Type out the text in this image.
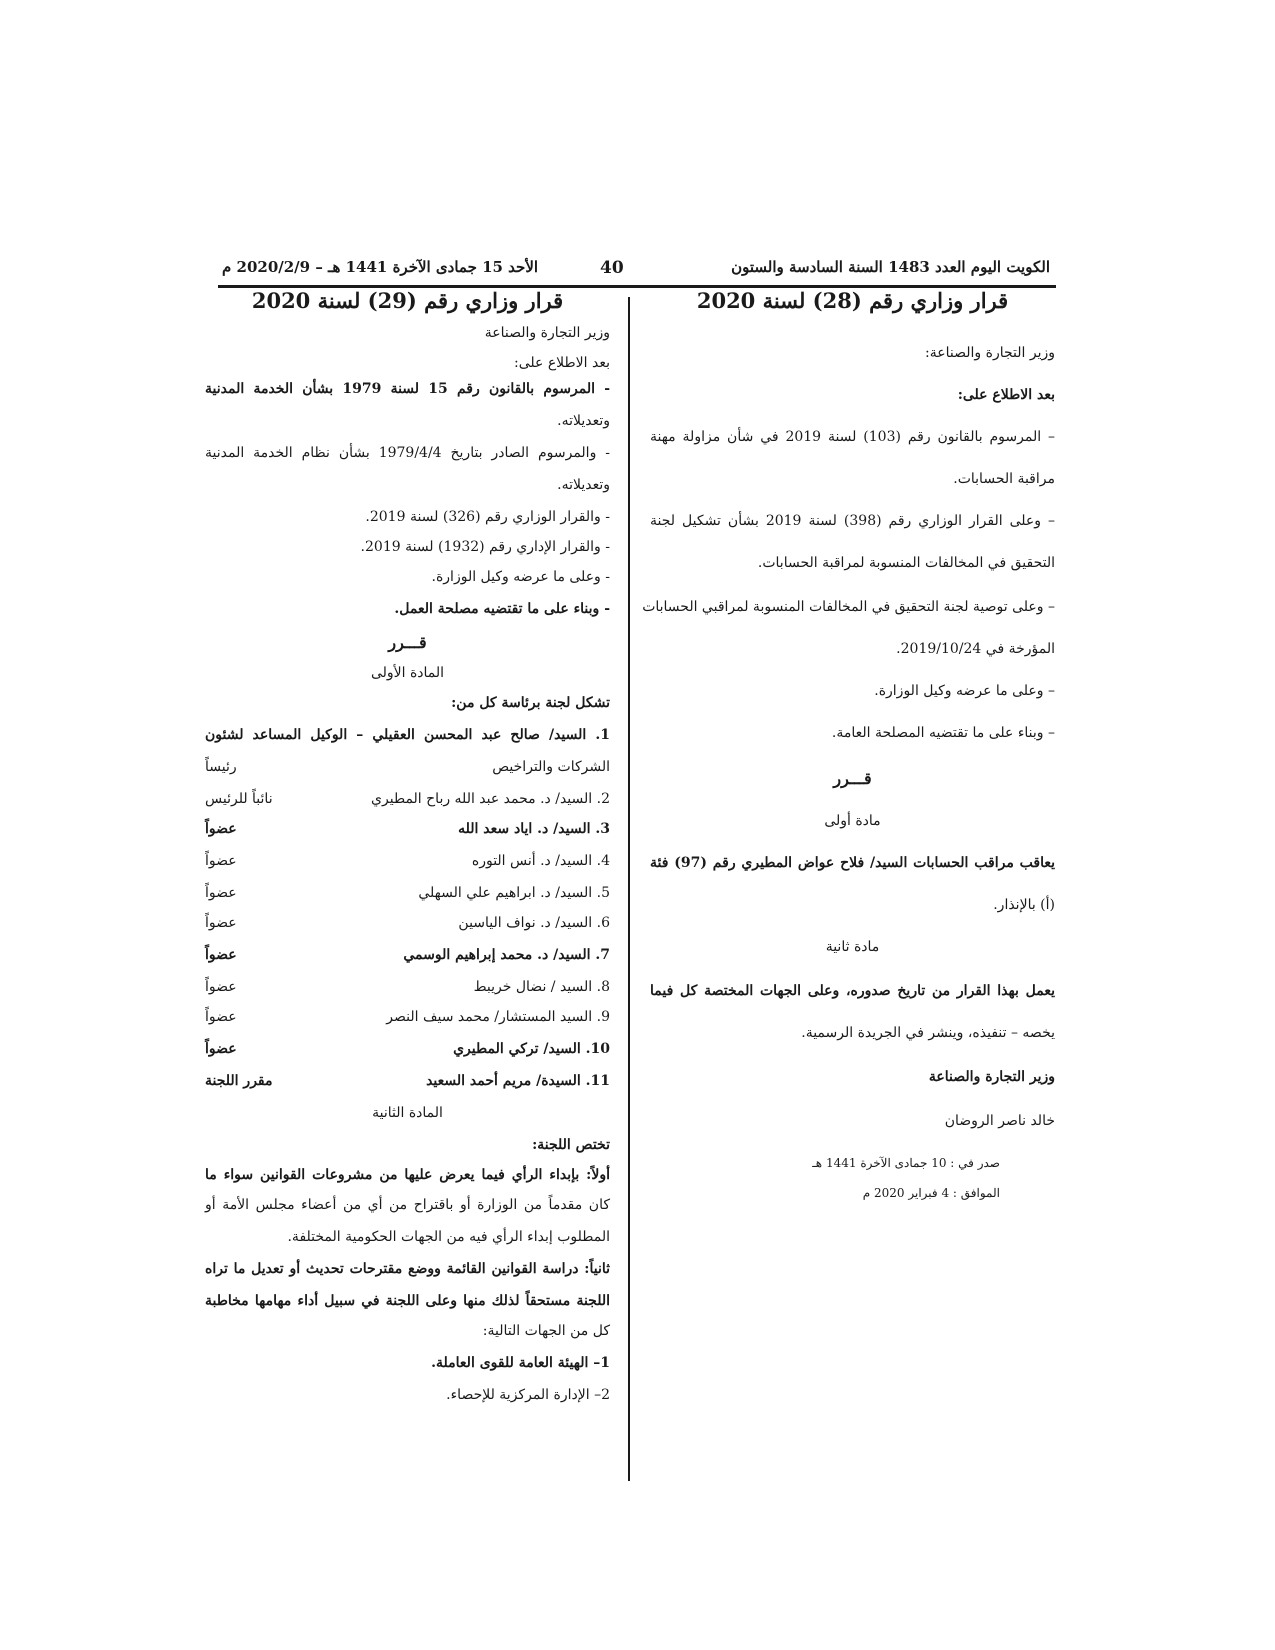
الكويت اليوم العدد 1483 السنة السادسة والستون
40
الأحد 15 جمادى الآخرة 1441 هـ – 2020/2/9 م
قرار وزاري رقم (28) لسنة 2020
وزير التجارة والصناعة:
بعد الاطلاع على:
– المرسوم بالقانون رقم (103) لسنة 2019 في شأن مزاولة مهنة
مراقبة الحسابات.
– وعلى القرار الوزاري رقم (398) لسنة 2019 بشأن تشكيل لجنة
التحقيق في المخالفات المنسوبة لمراقبة الحسابات.
– وعلى توصية لجنة التحقيق في المخالفات المنسوبة لمراقبي الحسابات
المؤرخة في 2019/10/24.
– وعلى ما عرضه وكيل الوزارة.
– وبناء على ما تقتضيه المصلحة العامة.
قـــرر
مادة أولى
يعاقب مراقب الحسابات السيد/ فلاح عواض المطيري رقم (97) فئة
(أ) بالإنذار.
مادة ثانية
يعمل بهذا القرار من تاريخ صدوره، وعلى الجهات المختصة كل فيما
يخصه – تنفيذه، وينشر في الجريدة الرسمية.
وزير التجارة والصناعة
خالد ناصر الروضان
صدر في : 10 جمادى الآخرة 1441 هـ
الموافق : 4 فبراير 2020 م
قرار وزاري رقم (29) لسنة 2020
وزير التجارة والصناعة
بعد الاطلاع على:
- المرسوم بالقانون رقم 15 لسنة 1979 بشأن الخدمة المدنية
وتعديلاته.
- والمرسوم الصادر بتاريخ 1979/4/4 بشأن نظام الخدمة المدنية
وتعديلاته.
- والقرار الوزاري رقم (326) لسنة 2019.
- والقرار الإداري رقم (1932) لسنة 2019.
- وعلى ما عرضه وكيل الوزارة.
- وبناء على ما تقتضيه مصلحة العمل.
قـــرر
المادة الأولى
تشكل لجنة برئاسة كل من:
1. السيد/ صالح عبد المحسن العقيلي – الوكيل المساعد لشئون
الشركات والتراخيص
رئيساً
2. السيد/ د. محمد عبد الله رباح المطيري
نائباً للرئيس
3. السيد/ د. اياد سعد الله
عضواً
4. السيد/ د. أنس التوره
عضواً
5. السيد/ د. ابراهيم علي السهلي
عضواً
6. السيد/ د. نواف الياسين
عضواً
7. السيد/ د. محمد إبراهيم الوسمي
عضواً
8. السيد / نضال خريبط
عضواً
9. السيد المستشار/ محمد سيف النصر
عضواً
10. السيد/ تركي المطيري
عضواً
11. السيدة/ مريم أحمد السعيد
مقرر اللجنة
المادة الثانية
تختص اللجنة:
أولاً: بإبداء الرأي فيما يعرض عليها من مشروعات القوانين سواء ما
كان مقدماً من الوزارة أو باقتراح من أي من أعضاء مجلس الأمة أو
المطلوب إبداء الرأي فيه من الجهات الحكومية المختلفة.
ثانياً: دراسة القوانين القائمة ووضع مقترحات تحديث أو تعديل ما تراه
اللجنة مستحقاً لذلك منها وعلى اللجنة في سبيل أداء مهامها مخاطبة
كل من الجهات التالية:
1– الهيئة العامة للقوى العاملة.
2– الإدارة المركزية للإحصاء.
